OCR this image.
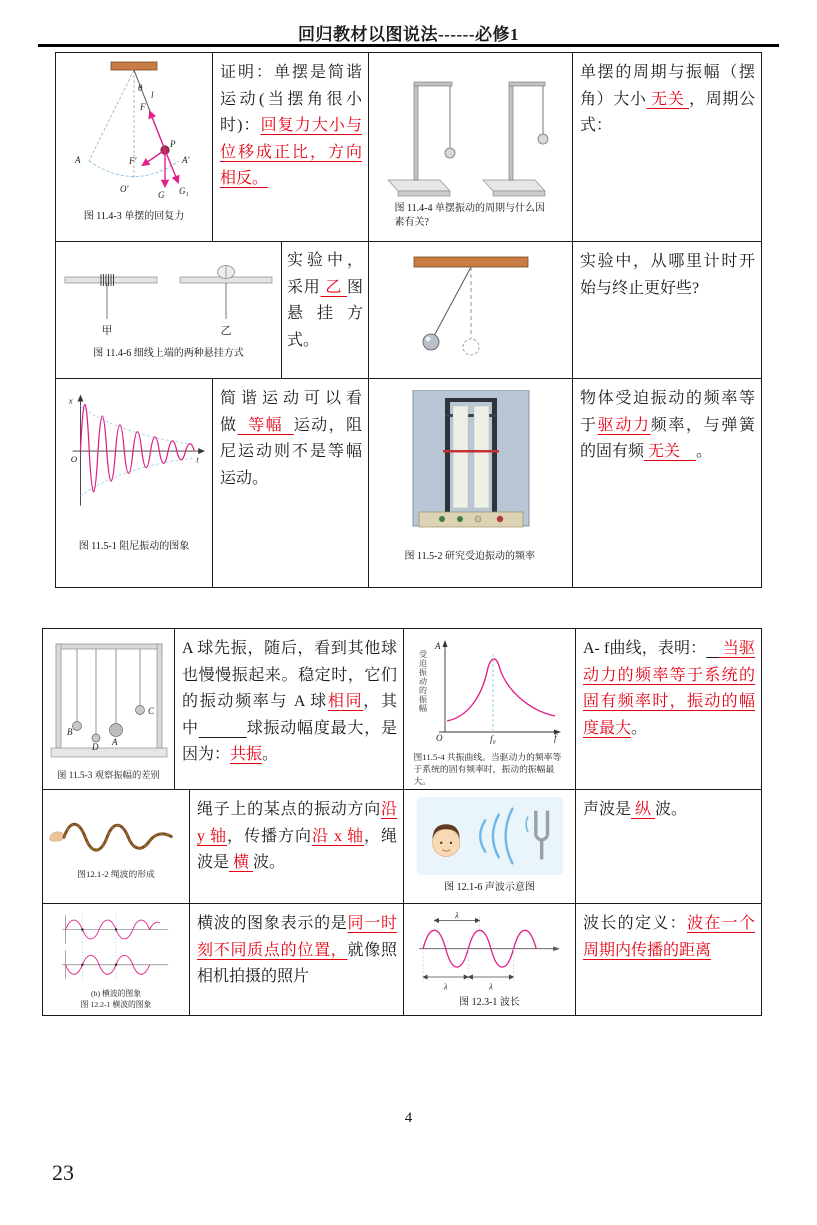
回归教材以图说法------必修1
θ
l
F
F′
A	A′
O′
P
G G₁
图 11.4-3 单摆的回复力
证明：单摆是简谐运动(当摆角很小时)：回复力大小与位移成正比，方向相反。
图 11.4-4 单摆振动的周期与什么因素有关?
单摆的周期与振幅（摆角）大小 无关 ，周期公式：
甲	乙
图 11.4-6 细线上端的两种悬挂方式
实验中，采用 乙 图悬挂方式。
实验中，从哪里计时开始与终止更好些?
x
O	t
图 11.5-1 阻尼振动的图象
简谐运动可以看做  等幅  运动，阻尼运动则不是等幅运动。
图 11.5-2 研究受迫振动的频率
物体受迫振动的频率等于驱动力频率，与弹簧的固有频 无关    。
B
D A
C
图 11.5-3 观察振幅的差别
A 球先振，随后，看到其他球也慢慢振起来。稳定时，它们的振动频率与 A 球相同，其中	球振动幅度最大，是因为：共振。
受迫振动的振幅
A
O	f₀	f
图11.5-4 共振曲线。当驱动力的频率等于系统的固有频率时，振动的振幅最大。
A- f曲线，表明：    当驱动力的频率等于系统的固有频率时，振动的幅度最大。
图12.1-2 绳波的形成
绳子上的某点的振动方向沿 y 轴，传播方向沿 x 轴，绳波是 横 波。
图 12.1-6 声波示意图
声波是 纵 波。
(b) 横波的图象
图 12.2-1 横波的图象
横波的图象表示的是同一时刻不同质点的位置，就像照相机拍摄的照片
λ
λ	λ
图 12.3-1 波长
波长的定义：波在一个周期内传播的距离
4
23
